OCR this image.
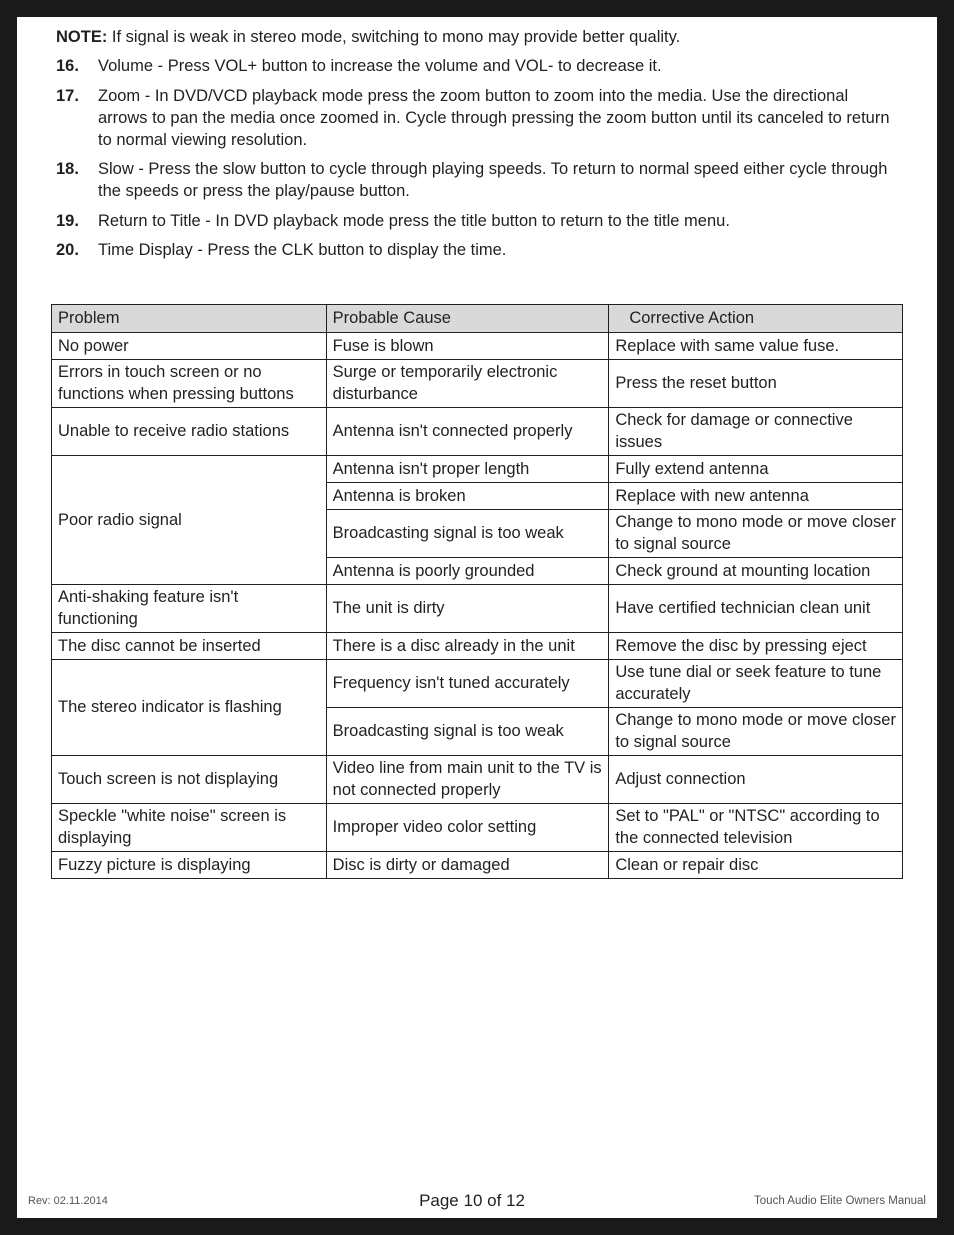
NOTE: If signal is weak in stereo mode, switching to mono may provide better quality.
16.	Volume - Press VOL+ button to increase the volume and VOL- to decrease it.
17.	Zoom - In DVD/VCD playback mode press the zoom button to zoom into the media. Use the directional arrows to pan the media once zoomed in. Cycle through pressing the zoom button until its canceled to return to normal viewing resolution.
18.	Slow - Press the slow button to cycle through playing speeds. To return to normal speed either cycle through the speeds or press the play/pause button.
19.	Return to Title - In DVD playback mode press the title button to return to the title menu.
20.	Time Display - Press the CLK button to display the time.
Problem	Probable Cause	Corrective Action
No power	Fuse is blown	Replace with same value fuse.
Errors in touch screen or no functions when pressing buttons	Surge or temporarily electronic disturbance	Press the reset button
Unable to receive radio stations	Antenna isn't connected properly	Check for damage or connective issues
Poor radio signal	Antenna isn't proper length	Fully extend antenna
	Antenna is broken	Replace with new antenna
	Broadcasting signal is too weak	Change to mono mode or move closer to signal source
	Antenna is poorly grounded	Check ground at mounting location
Anti-shaking feature isn't functioning	The unit is dirty	Have certified technician clean unit
The disc cannot be inserted	There is a disc already in the unit	Remove the disc by pressing eject
The stereo indicator is flashing	Frequency isn't tuned accurately	Use tune dial or seek feature to tune accurately
	Broadcasting signal is too weak	Change to mono mode or move closer to signal source
Touch screen is not displaying	Video line from main unit to the TV is not connected properly	Adjust connection
Speckle "white noise" screen is displaying	Improper video color setting	Set to "PAL" or "NTSC" according to the connected television
Fuzzy picture is displaying	Disc is dirty or damaged	Clean or repair disc
Rev: 02.11.2014	Page 10 of 12	Touch Audio Elite Owners Manual
